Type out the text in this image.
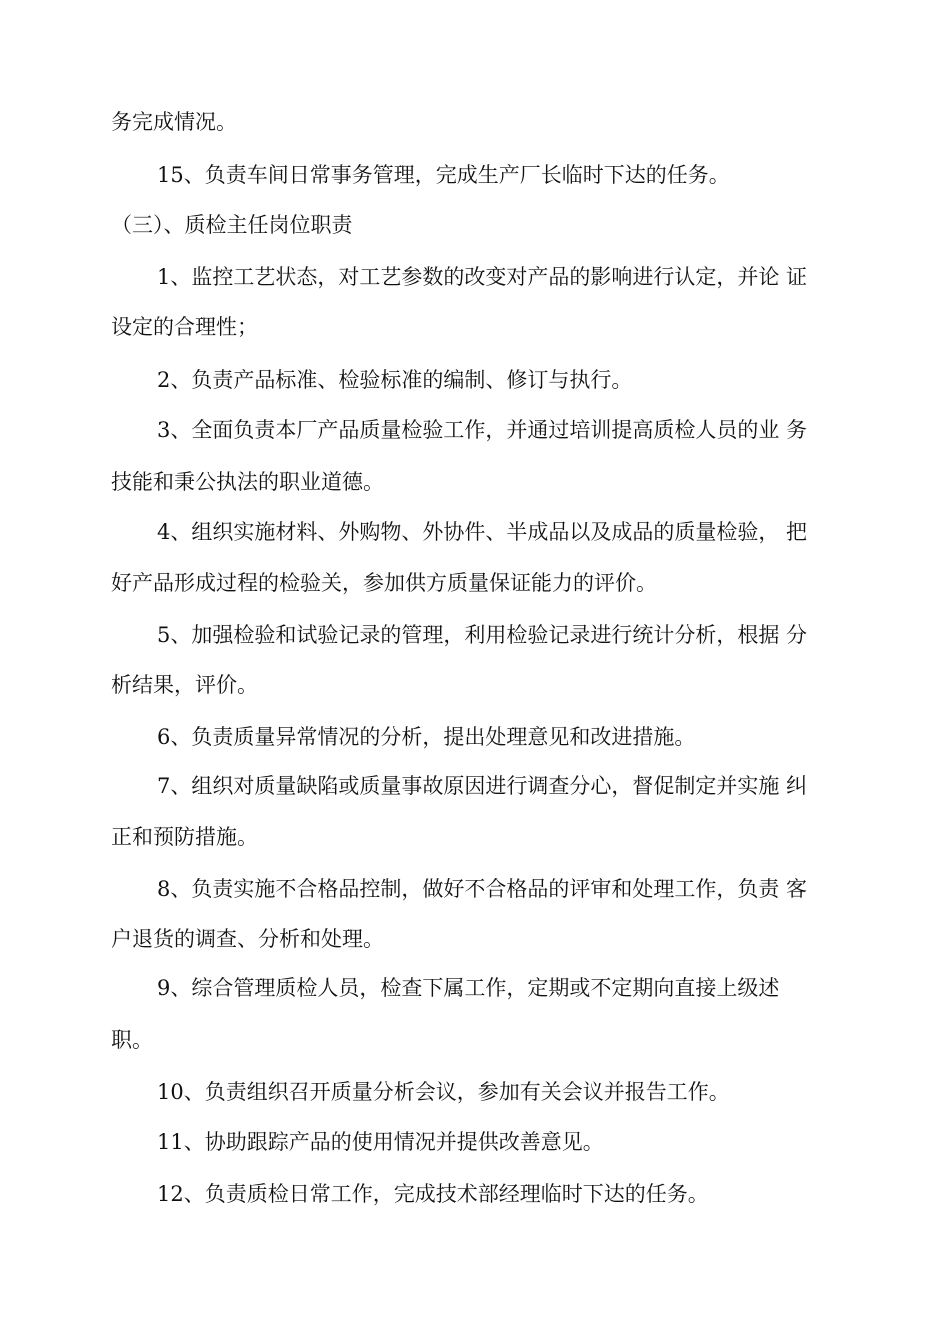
务完成情况。
15、负责车间日常事务管理，完成生产厂长临时下达的任务。
（三）、质检主任岗位职责
1、监控工艺状态，对工艺参数的改变对产品的影响进行认定，并论 证
设定的合理性；
2、负责产品标准、检验标准的编制、修订与执行。
3、全面负责本厂产品质量检验工作，并通过培训提高质检人员的业 务
技能和秉公执法的职业道德。
4、组织实施材料、外购物、外协件、半成品以及成品的质量检验， 把
好产品形成过程的检验关，参加供方质量保证能力的评价。
5、加强检验和试验记录的管理，利用检验记录进行统计分析，根据 分
析结果，评价。
6、负责质量异常情况的分析，提出处理意见和改进措施。
7、组织对质量缺陷或质量事故原因进行调查分心，督促制定并实施 纠
正和预防措施。
8、负责实施不合格品控制，做好不合格品的评审和处理工作，负责 客
户退货的调查、分析和处理。
9、综合管理质检人员，检查下属工作，定期或不定期向直接上级述
职。
10、负责组织召开质量分析会议，参加有关会议并报告工作。
11、协助跟踪产品的使用情况并提供改善意见。
12、负责质检日常工作，完成技术部经理临时下达的任务。
